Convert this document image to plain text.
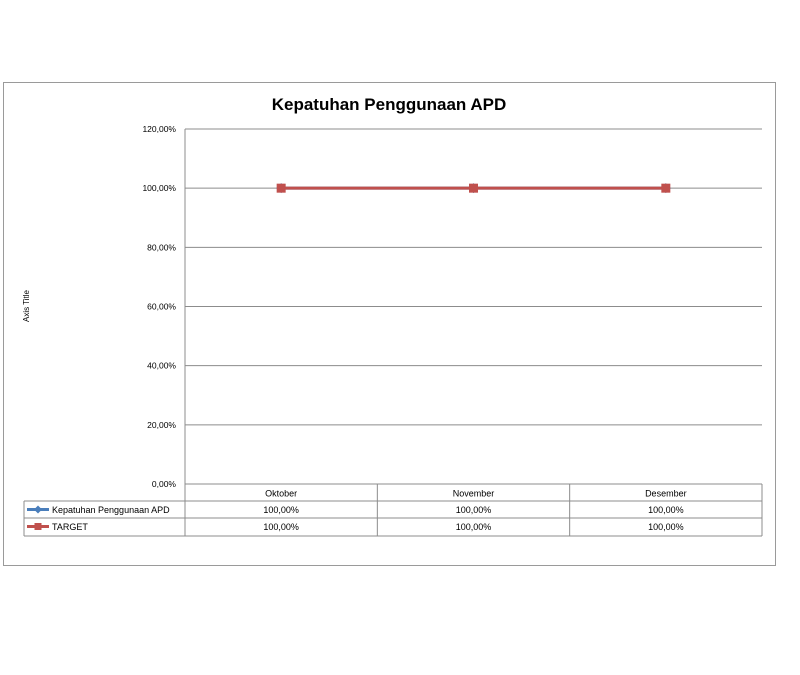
Kepatuhan Penggunaan APD
Axis Title
0,00%
20,00%
40,00%
60,00%
80,00%
100,00%
120,00%
Oktober	November	Desember
Kepatuhan Penggunaan APD	100,00%	100,00%	100,00%
TARGET	100,00%	100,00%	100,00%
